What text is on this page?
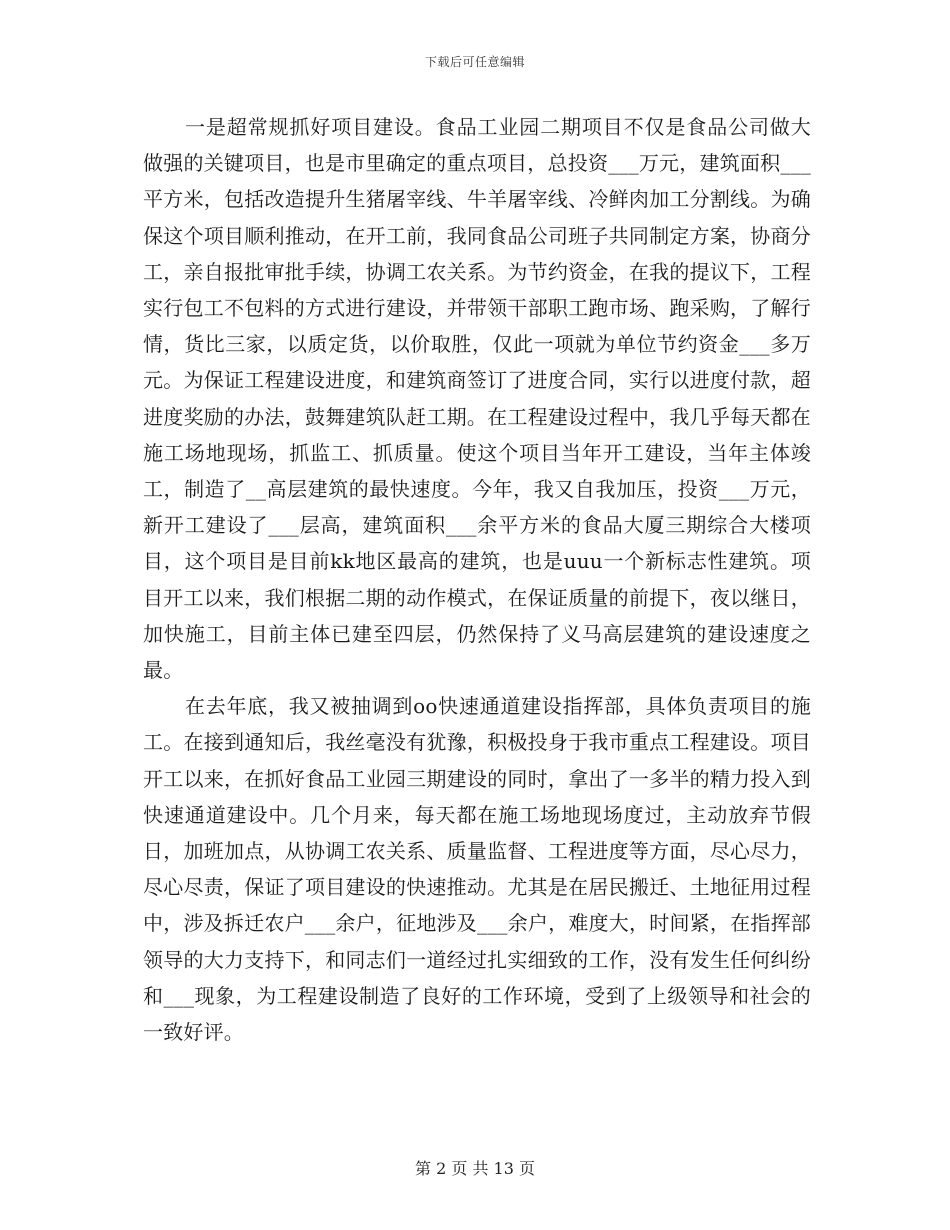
下载后可任意编辑

一是超常规抓好项目建设。食品工业园二期项目不仅是食品公司做大做强的关键项目，也是市里确定的重点项目，总投资___万元，建筑面积___平方米，包括改造提升生猪屠宰线、牛羊屠宰线、冷鲜肉加工分割线。为确保这个项目顺利推动，在开工前，我同食品公司班子共同制定方案，协商分工，亲自报批审批手续，协调工农关系。为节约资金，在我的提议下，工程实行包工不包料的方式进行建设，并带领干部职工跑市场、跑采购，了解行情，货比三家，以质定货，以价取胜，仅此一项就为单位节约资金___多万元。为保证工程建设进度，和建筑商签订了进度合同，实行以进度付款，超进度奖励的办法，鼓舞建筑队赶工期。在工程建设过程中，我几乎每天都在施工场地现场，抓监工、抓质量。使这个项目当年开工建设，当年主体竣工，制造了__高层建筑的最快速度。今年，我又自我加压，投资___万元，新开工建设了___层高，建筑面积___余平方米的食品大厦三期综合大楼项目，这个项目是目前kk地区最高的建筑，也是uuu一个新标志性建筑。项目开工以来，我们根据二期的动作模式，在保证质量的前提下，夜以继日，加快施工，目前主体已建至四层，仍然保持了义马高层建筑的建设速度之最。

在去年底，我又被抽调到oo快速通道建设指挥部，具体负责项目的施工。在接到通知后，我丝毫没有犹豫，积极投身于我市重点工程建设。项目开工以来，在抓好食品工业园三期建设的同时，拿出了一多半的精力投入到快速通道建设中。几个月来，每天都在施工场地现场度过，主动放弃节假日，加班加点，从协调工农关系、质量监督、工程进度等方面，尽心尽力，尽心尽责，保证了项目建设的快速推动。尤其是在居民搬迁、土地征用过程中，涉及拆迁农户___余户，征地涉及___余户，难度大，时间紧，在指挥部领导的大力支持下，和同志们一道经过扎实细致的工作，没有发生任何纠纷和___现象，为工程建设制造了良好的工作环境，受到了上级领导和社会的一致好评。

第 2 页 共 13 页
